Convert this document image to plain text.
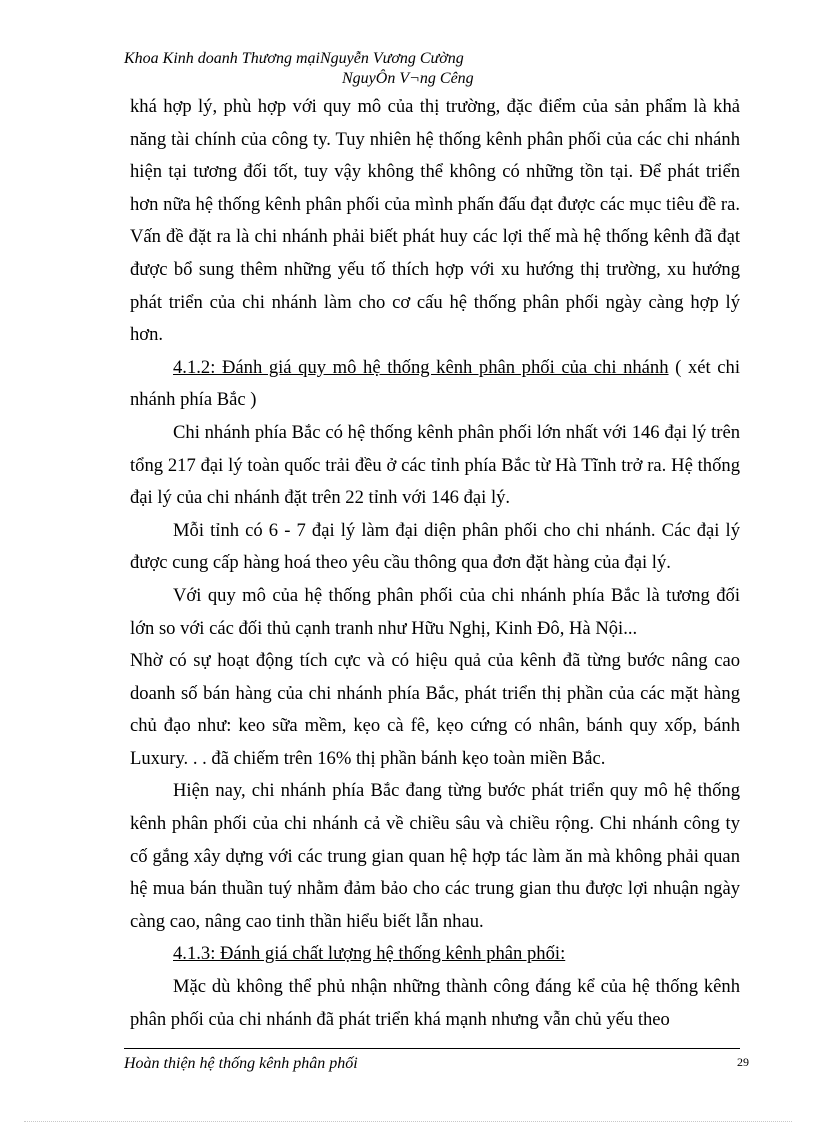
Khoa Kinh doanh Thương mạiNguyễn Vương Cường
NguyÔn V¬ng Cêng

khá hợp lý, phù hợp với quy mô của thị trường, đặc điểm của sản phẩm là khả năng tài chính của công ty. Tuy nhiên hệ thống kênh phân phối của các chi nhánh hiện tại tương đối tốt, tuy vậy không thể không có những tồn tại. Để phát triển hơn nữa hệ thống kênh phân phối của mình phấn đấu đạt được các mục tiêu đề ra. Vấn đề đặt ra là chi nhánh phải biết phát huy các lợi thế mà hệ thống kênh đã đạt được bổ sung thêm những yếu tố thích hợp với xu hướng thị trường, xu hướng phát triển của chi nhánh làm cho cơ cấu hệ thống phân phối ngày càng hợp lý hơn.

4.1.2: Đánh giá quy mô hệ thống kênh phân phối của chi nhánh ( xét chi nhánh phía Bắc )

Chi nhánh phía Bắc có hệ thống kênh phân phối lớn nhất với 146 đại lý trên tổng 217 đại lý toàn quốc trải đều ở các tỉnh phía Bắc từ Hà Tĩnh trở ra. Hệ thống đại lý của chi nhánh đặt trên 22 tỉnh với 146 đại lý.

Mỗi tỉnh có 6 - 7 đại lý làm đại diện phân phối cho chi nhánh. Các đại lý được cung cấp hàng hoá theo yêu cầu thông qua đơn đặt hàng của đại lý.

Với quy mô của hệ thống phân phối của chi nhánh phía Bắc là tương đối lớn so với các đối thủ cạnh tranh như Hữu Nghị, Kinh Đô, Hà Nội...

Nhờ có sự hoạt động tích cực và có hiệu quả của kênh đã từng bước nâng cao doanh số bán hàng của chi nhánh phía Bắc, phát triển thị phần của các mặt hàng chủ đạo như: keo sữa mềm, kẹo cà fê, kẹo cứng có nhân, bánh quy xốp, bánh Luxury. . . đã chiếm trên 16% thị phần bánh kẹo toàn miền Bắc.

Hiện nay, chi nhánh phía Bắc đang từng bước phát triển quy mô hệ thống kênh phân phối của chi nhánh cả về chiều sâu và chiều rộng. Chi nhánh công ty cố gắng xây dựng với các trung gian quan hệ hợp tác làm ăn mà không phải quan hệ mua bán thuần tuý nhằm đảm bảo cho các trung gian thu được lợi nhuận ngày càng cao, nâng cao tinh thần hiểu biết lẫn nhau.

4.1.3: Đánh giá chất lượng hệ thống kênh phân phối:

Mặc dù không thể phủ nhận những thành công đáng kể của hệ thống kênh phân phối của chi nhánh đã phát triển khá mạnh nhưng vẫn chủ yếu theo

Hoàn thiện hệ thống kênh phân phối	29
